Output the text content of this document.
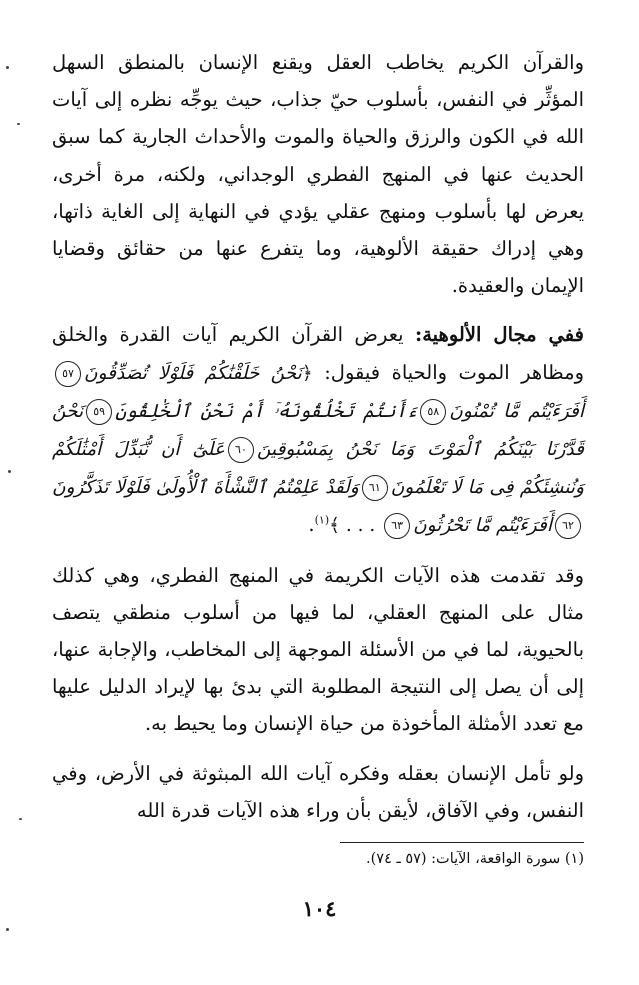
والقرآن الكريم يخاطب العقل ويقنع الإنسان بالمنطق السهل المؤثِّر في النفس، بأسلوب حيّ جذاب، حيث يوجِّه نظره إلى آيات الله في الكون والرزق والحياة والموت والأحداث الجارية كما سبق الحديث عنها في المنهج الفطري الوجداني، ولكنه، مرة أخرى، يعرض لها بأسلوب ومنهج عقلي يؤدي في النهاية إلى الغاية ذاتها، وهي إدراك حقيقة الألوهية، وما يتفرع عنها من حقائق وقضايا الإيمان والعقيدة.

ففي مجال الألوهية: يعرض القرآن الكريم آيات القدرة والخلق ومظاهر الموت والحياة فيقول: ﴿نَحْنُ خَلَقْنَٰكُمْ فَلَوْلَا تُصَدِّقُونَ٥٧أَفَرَءَيْتُم مَّا تُمْنُونَ٥٨ءَأَنتُمْ تَخْلُقُونَهُۥٓ أَمْ نَحْنُ ٱلْخَٰلِقُونَ٥٩نَحْنُ قَدَّرْنَا بَيْنَكُمُ ٱلْمَوْتَ وَمَا نَحْنُ بِمَسْبُوقِينَ٦٠عَلَىٰٓ أَن نُّبَدِّلَ أَمْثَٰلَكُمْ وَنُنشِئَكُمْ فِى مَا لَا تَعْلَمُونَ٦١وَلَقَدْ عَلِمْتُمُ ٱلنَّشْأَةَ ٱلْأُولَىٰ فَلَوْلَا تَذَكَّرُونَ٦٢أَفَرَءَيْتُم مَّا تَحْرُثُونَ٦٣ . . . ﴾$^{(١)}$.

وقد تقدمت هذه الآيات الكريمة في المنهج الفطري، وهي كذلك مثال على المنهج العقلي، لما فيها من أسلوب منطقي يتصف بالحيوية، لما في من الأسئلة الموجهة إلى المخاطب، والإجابة عنها، إلى أن يصل إلى النتيجة المطلوبة التي بدئ بها لإيراد الدليل عليها مع تعدد الأمثلة المأخوذة من حياة الإنسان وما يحيط به.

ولو تأمل الإنسان بعقله وفكره آيات الله المبثوثة في الأرض، وفي النفس، وفي الآفاق، لأيقن بأن وراء هذه الآيات قدرة الله

(١) سورة الواقعة، الآيات: (٥٧ ـ ٧٤).
١٠٤
